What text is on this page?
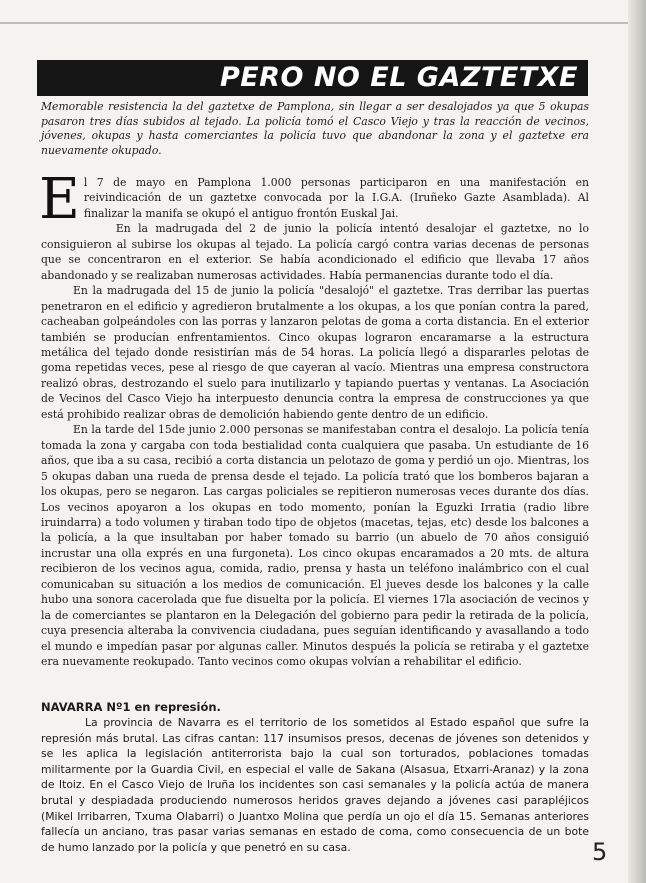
PERO NO EL GAZTETXE

Memorable resistencia la del gaztetxe de Pamplona, sin llegar a ser desalojados ya que 5 okupas pasaron tres días subidos al tejado. La policía tomó el Casco Viejo y tras la reacción de vecinos, jóvenes, okupas y hasta comerciantes la policía tuvo que abandonar la zona y el gaztetxe era nuevamente okupado.

El 7 de mayo en Pamplona 1.000 personas participaron en una manifestación en reivindicación de un gaztetxe convocada por la I.G.A. (Iruñeko Gazte Asamblada). Al finalizar la manifa se okupó el antiguo frontón Euskal Jai.

En la madrugada del 2 de junio la policía intentó desalojar el gaztetxe, no lo consiguieron al subirse los okupas al tejado. La policía cargó contra varias decenas de personas que se concentraron en el exterior. Se había acondicionado el edificio que llevaba 17 años abandonado y se realizaban numerosas actividades. Había permanencias durante todo el día.

En la madrugada del 15 de junio la policía "desalojó" el gaztetxe. Tras derribar las puertas penetraron en el edificio y agredieron brutalmente a los okupas, a los que ponían contra la pared, cacheaban golpeándoles con las porras y lanzaron pelotas de goma a corta distancia. En el exterior también se producían enfrentamientos. Cinco okupas lograron encaramarse a la estructura metálica del tejado donde resistirían más de 54 horas. La policía llegó a dispararles pelotas de goma repetidas veces, pese al riesgo de que cayeran al vacío. Mientras una empresa constructora realizó obras, destrozando el suelo para inutilizarlo y tapiando puertas y ventanas. La Asociación de Vecinos del Casco Viejo ha interpuesto denuncia contra la empresa de construcciones ya que está prohibido realizar obras de demolición habiendo gente dentro de un edificio.

En la tarde del 15de junio 2.000 personas se manifestaban contra el desalojo. La policía tenía tomada la zona y cargaba con toda bestialidad conta cualquiera que pasaba. Un estudiante de 16 años, que iba a su casa, recibió a corta distancia un pelotazo de goma y perdió un ojo. Mientras, los 5 okupas daban una rueda de prensa desde el tejado. La policía trató que los bomberos bajaran a los okupas, pero se negaron. Las cargas policiales se repitieron numerosas veces durante dos días. Los vecinos apoyaron a los okupas en todo momento, ponían la Eguzki Irratia (radio libre iruindarra) a todo volumen y tiraban todo tipo de objetos (macetas, tejas, etc) desde los balcones a la policía, a la que insultaban por haber tomado su barrio (un abuelo de 70 años consiguió incrustar una olla exprés en una furgoneta). Los cinco okupas encaramados a 20 mts. de altura recibieron de los vecinos agua, comida, radio, prensa y hasta un teléfono inalámbrico con el cual comunicaban su situación a los medios de comunicación. El jueves desde los balcones y la calle hubo una sonora cacerolada que fue disuelta por la policía. El viernes 17la asociación de vecinos y la de comerciantes se plantaron en la Delegación del gobierno para pedir la retirada de la policía, cuya presencia alteraba la convivencia ciudadana, pues seguían identificando y avasallando a todo el mundo e impedían pasar por algunas caller. Minutos después la policía se retiraba y el gaztetxe era nuevamente reokupado. Tanto vecinos como okupas volvían a rehabilitar el edificio.

NAVARRA Nº1 en represión.

La provincia de Navarra es el territorio de los sometidos al Estado español que sufre la represión más brutal. Las cifras cantan: 117 insumisos presos, decenas de jóvenes son detenidos y se les aplica la legislación antiterrorista bajo la cual son torturados, poblaciones tomadas militarmente por la Guardia Civil, en especial el valle de Sakana (Alsasua, Etxarri-Aranaz) y la zona de Itoiz. En el Casco Viejo de Iruña los incidentes son casi semanales y la policía actúa de manera brutal y despiadada produciendo numerosos heridos graves dejando a jóvenes casi parapléjicos (Mikel Irribarren, Txuma Olabarri) o Juantxo Molina que perdía un ojo el día 15. Semanas anteriores fallecía un anciano, tras pasar varias semanas en estado de coma, como consecuencia de un bote de humo lanzado por la policía y que penetró en su casa.	5
